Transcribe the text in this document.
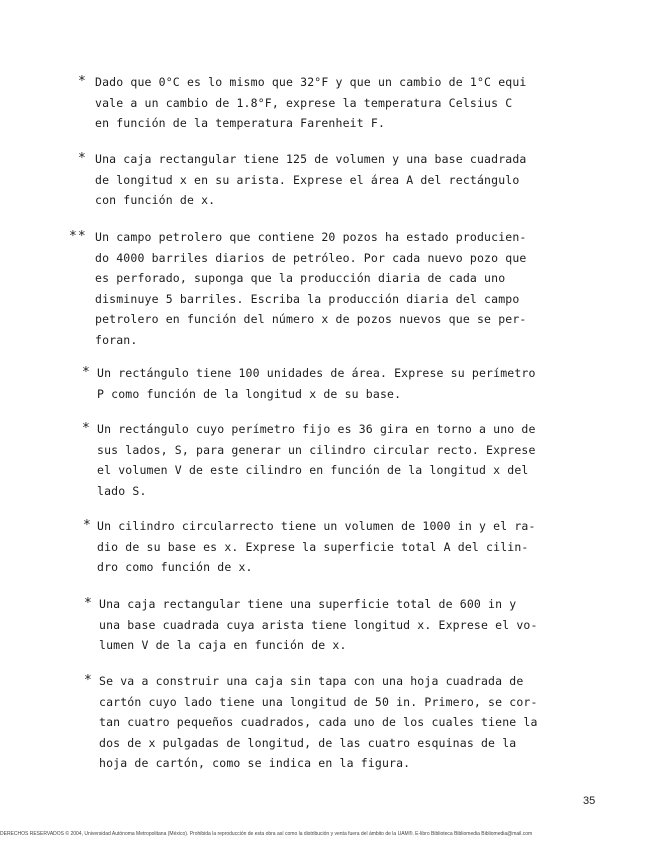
* Dado que 0°C es lo mismo que 32°F y que un cambio de 1°C equi
vale a un cambio de 1.8°F, exprese la temperatura Celsius C
en función de la temperatura Farenheit F.
* Una caja rectangular tiene 125 de volumen y una base cuadrada
de longitud x en su arista. Exprese el área A del rectángulo
con función de x.
** Un campo petrolero que contiene 20 pozos ha estado producien-
do 4000 barriles diarios de petróleo. Por cada nuevo pozo que
es perforado, suponga que la producción diaria de cada uno
disminuye 5 barriles. Escriba la producción diaria del campo
petrolero en función del número x de pozos nuevos que se per-
foran.
* Un rectángulo tiene 100 unidades de área. Exprese su perímetro
P como función de la longitud x de su base.
* Un rectángulo cuyo perímetro fijo es 36 gira en torno a uno de
sus lados, S, para generar un cilindro circular recto. Exprese
el volumen V de este cilindro en función de la longitud x del
lado S.
* Un cilindro circularrecto tiene un volumen de 1000 in y el ra-
dio de su base es x. Exprese la superficie total A del cilin-
dro como función de x.
* Una caja rectangular tiene una superficie total de 600 in y
una base cuadrada cuya arista tiene longitud x. Exprese el vo-
lumen V de la caja en función de x.
* Se va a construir una caja sin tapa con una hoja cuadrada de
cartón cuyo lado tiene una longitud de 50 in. Primero, se cor-
tan cuatro pequeños cuadrados, cada uno de los cuales tiene la
dos de x pulgadas de longitud, de las cuatro esquinas de la
hoja de cartón, como se indica en la figura.
35
DERECHOS RESERVADOS © 2004, Universidad Autónoma Metropolitana (México). Prohibida la reproducción de esta obra así como la distribución y venta fuera del ámbito de la UAM®. E-libro Biblioteca Bibliomedia Bibliomedia@mail.com
